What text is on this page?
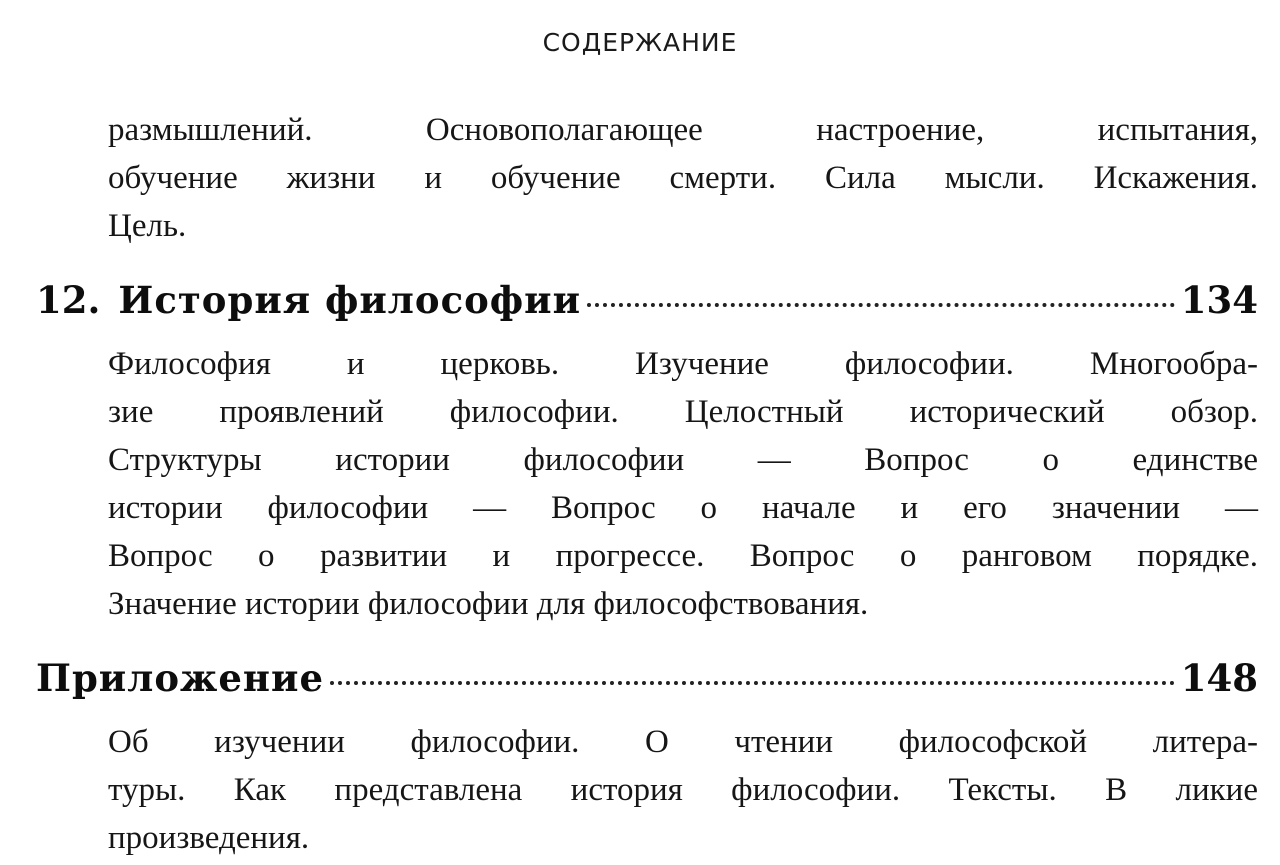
СОДЕРЖАНИЕ

размышлений. Основополагающее настроение, испытания,

обучение жизни и обучение смерти. Сила мысли. Искажения.

Цель.

12. История философии	134

Философия и церковь. Изучение философии. Многообра-

зие проявлений философии. Целостный исторический обзор.

Структуры истории философии — Вопрос о единстве

истории философии — Вопрос о начале и его значении —

Вопрос о развитии и прогрессе. Вопрос о ранговом порядке.

Значение истории философии для философствования.

Приложение	148

Об изучении философии. О чтении философской литера-

туры. Как представлена история философии. Тексты. В ликие

произведения.
